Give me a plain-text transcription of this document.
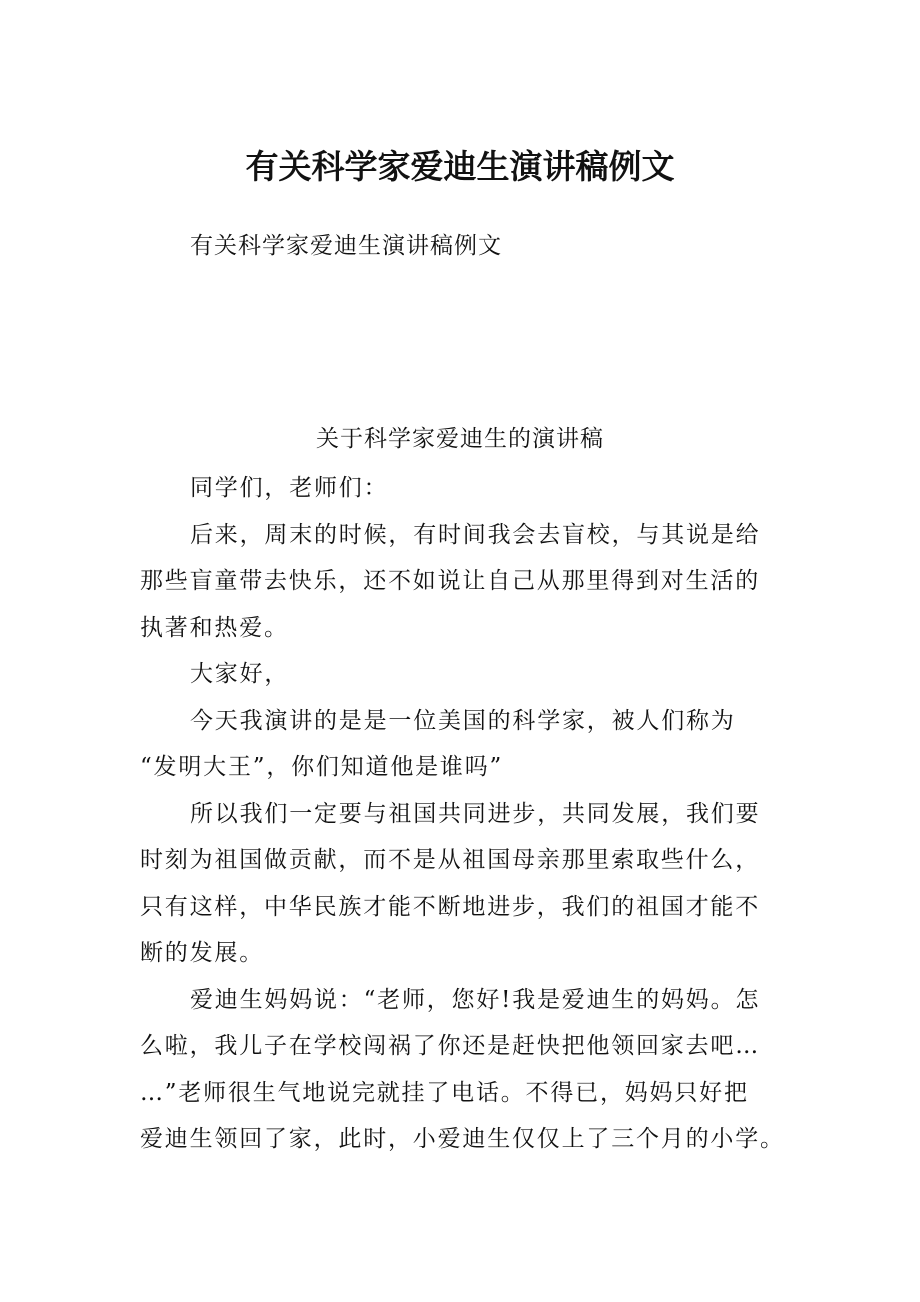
有关科学家爱迪生演讲稿例文
有关科学家爱迪生演讲稿例文
关于科学家爱迪生的演讲稿
同学们，老师们：
后来，周末的时候，有时间我会去盲校，与其说是给
那些盲童带去快乐，还不如说让自己从那里得到对生活的
执著和热爱。
大家好，
今天我演讲的是是一位美国的科学家，被人们称为
“发明大王”，你们知道他是谁吗”
所以我们一定要与祖国共同进步，共同发展，我们要
时刻为祖国做贡献，而不是从祖国母亲那里索取些什么，
只有这样，中华民族才能不断地进步，我们的祖国才能不
断的发展。
爱迪生妈妈说：“老师，您好!我是爱迪生的妈妈。怎
么啦，我儿子在学校闯祸了你还是赶快把他领回家去吧…
…”老师很生气地说完就挂了电话。不得已，妈妈只好把
爱迪生领回了家，此时，小爱迪生仅仅上了三个月的小学。
